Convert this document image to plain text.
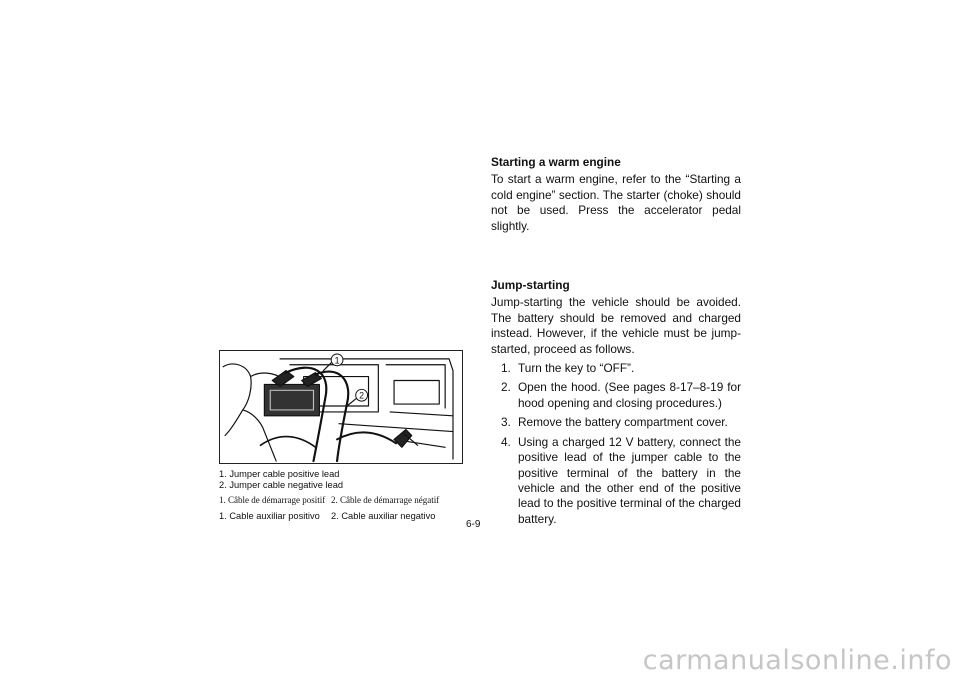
1
2
1. Jumper cable positive lead
2. Jumper cable negative lead
1. Câble de démarrage positif 2. Câble de démarrage négatif
1. Cable auxiliar positivo	2. Cable auxiliar negativo
6-9

Starting a warm engine

To start a warm engine, refer to the “Starting a cold engine” section. The starter (choke) should not be used. Press the accelerator pedal slightly.

Jump-starting

Jump-starting the vehicle should be avoided. The battery should be removed and charged instead. However, if the vehicle must be jump-started, proceed as follows.

1. Turn the key to “OFF”.
2. Open the hood. (See pages 8-17–8-19 for hood opening and closing procedures.)
3. Remove the battery compartment cover.
4. Using a charged 12 V battery, connect the positive lead of the jumper cable to the positive terminal of the battery in the vehicle and the other end of the positive lead to the positive terminal of the charged battery.
carmanualsonline.info
